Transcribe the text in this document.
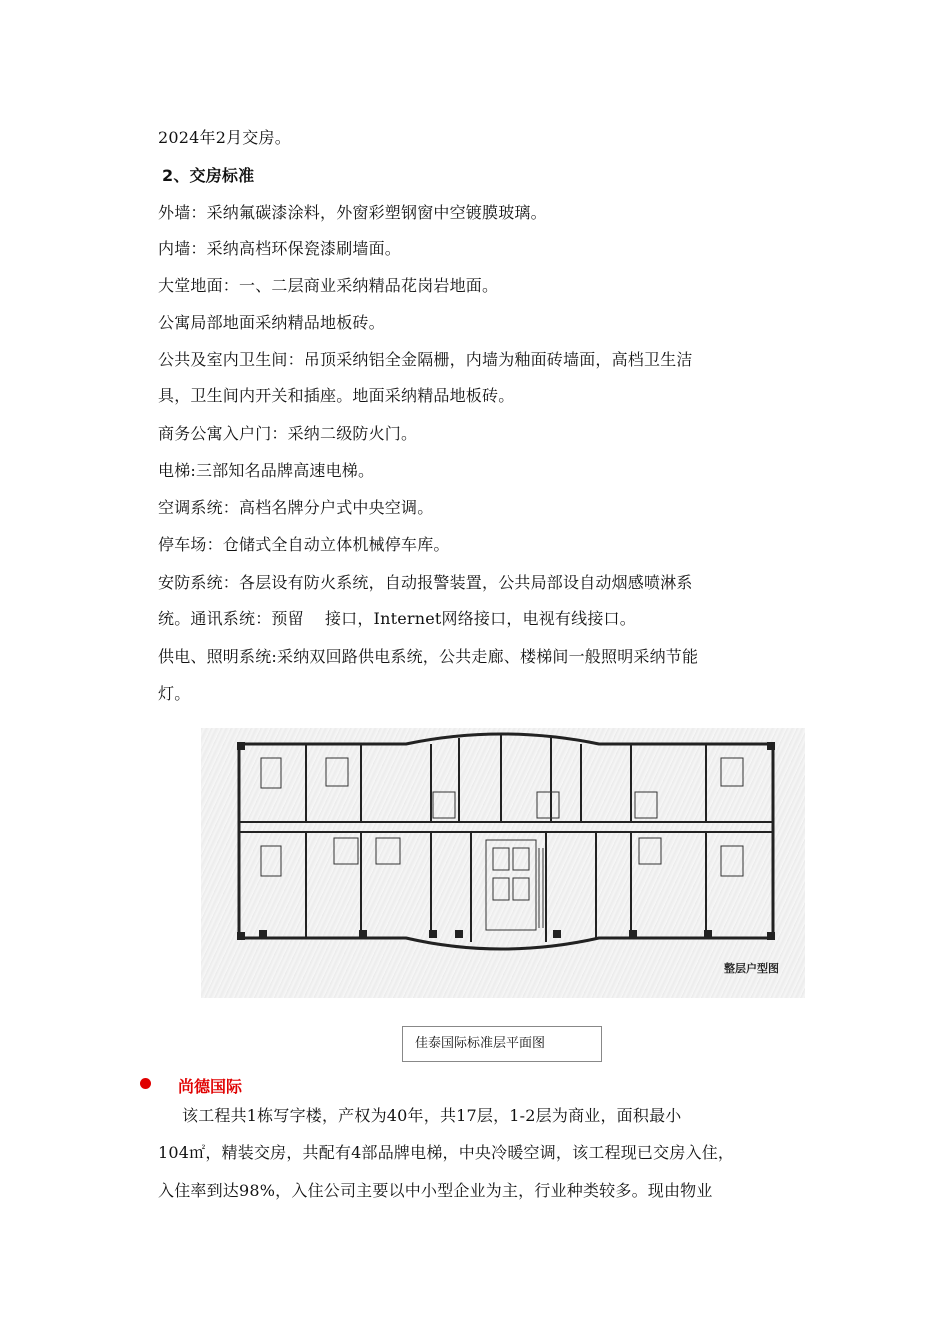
2024年2月交房。
2、交房标准
外墙：采纳氟碳漆涂料，外窗彩塑钢窗中空镀膜玻璃。
内墙：采纳高档环保瓷漆刷墙面。
大堂地面：一、二层商业采纳精品花岗岩地面。
公寓局部地面采纳精品地板砖。
公共及室内卫生间：吊顶采纳铝全金隔栅，内墙为釉面砖墙面，高档卫生洁
具，卫生间内开关和插座。地面采纳精品地板砖。
商务公寓入户门：采纳二级防火门。
电梯:三部知名品牌高速电梯。
空调系统：高档名牌分户式中央空调。
停车场：仓储式全自动立体机械停车库。
安防系统：各层设有防火系统，自动报警装置，公共局部设自动烟感喷淋系
统。通讯系统：预留    接口，Internet网络接口，电视有线接口。
供电、照明系统:采纳双回路供电系统，公共走廊、楼梯间一般照明采纳节能
灯。
整层户型图
佳泰国际标准层平面图
尚德国际
该工程共1栋写字楼，产权为40年，共17层，1-2层为商业，面积最小
104㎡，精装交房，共配有4部品牌电梯，中央冷暖空调，该工程现已交房入住，
入住率到达98%，入住公司主要以中小型企业为主，行业种类较多。现由物业
